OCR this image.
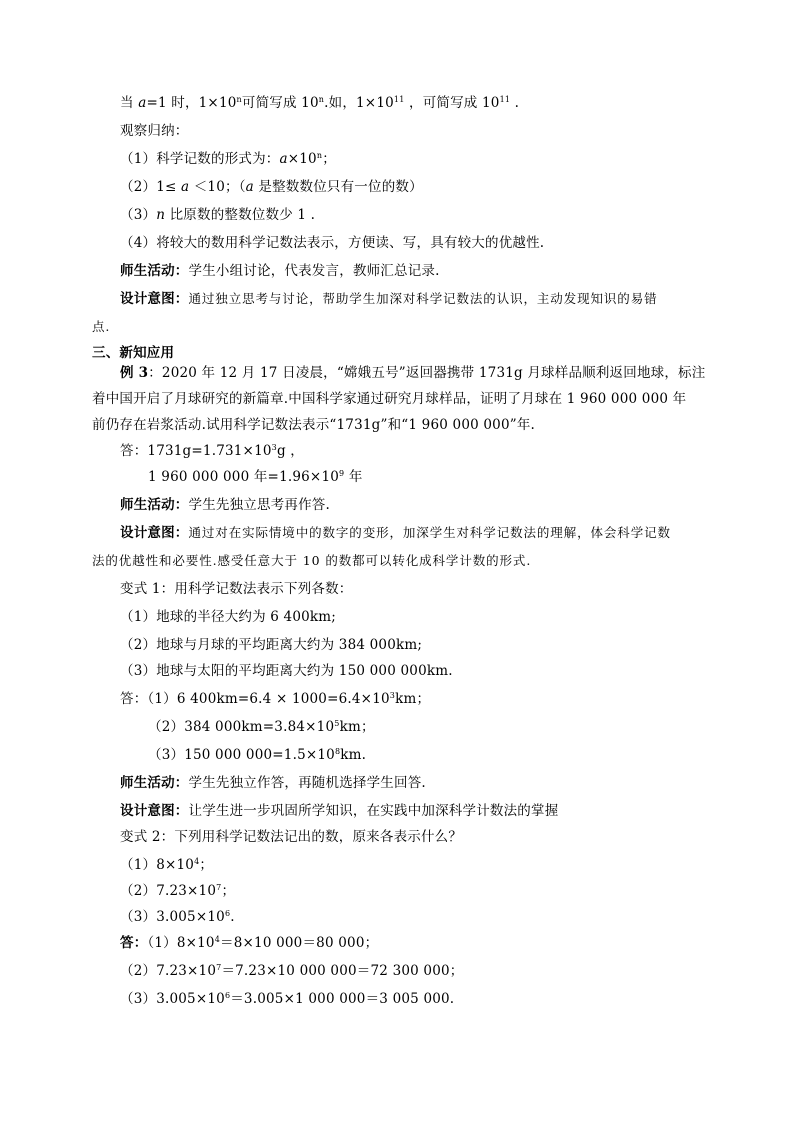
当 a=1 时，$1\times 10^n$可简写成 10$^n$.如，$1\times 10^{11}$ ，可简写成 $10^{11}$ .
观察归纳：
（1）科学记数的形式为：$a\times 10^n$；
（2）1≤ a ＜10；（a 是整数数位只有一位的数）
（3）n 比原数的整数位数少 1 .
（4）将较大的数用科学记数法表示，方便读、写，具有较大的优越性.
师生活动：学生小组讨论，代表发言，教师汇总记录.
设计意图：通过独立思考与讨论，帮助学生加深对科学记数法的认识，主动发现知识的易错
点.
三、新知应用
例 3：2020 年 12 月 17 日凌晨，“嫦娥五号”返回器携带 1731g 月球样品顺利返回地球，标注
着中国开启了月球研究的新篇章.中国科学家通过研究月球样品，证明了月球在 1 960 000 000 年
前仍存在岩浆活动.试用科学记数法表示“1731g”和“1 960 000 000”年.
答：$1731g=1.731\times 10^3g$ ，
1 960 000 000 年$=1.96\times 10^9$ 年
师生活动：学生先独立思考再作答.
设计意图：通过对在实际情境中的数字的变形，加深学生对科学记数法的理解，体会科学记数
法的优越性和必要性.感受任意大于 10 的数都可以转化成科学计数的形式.
变式 1：用科学记数法表示下列各数：
（1）地球的半径大约为 6 400km;
（2）地球与月球的平均距离大约为 384 000km;
（3）地球与太阳的平均距离大约为 150 000 000km.
答：（1）6 $400km=6.4 \times 1000=6.4\times 10^3km$；
（2）384 $000km=3.84\times 10^5km$；
（3）150 000 $000=1.5\times 10^8km$.
师生活动：学生先独立作答，再随机选择学生回答.
设计意图：让学生进一步巩固所学知识，在实践中加深科学计数法的掌握
变式 2：下列用科学记数法记出的数，原来各表示什么？
$(1)8\times 10^4$；
$(2)7.23\times 10^7$；
$(3)3.005\times 10^6$.
答：$(1)8\times 10^4=8\times 10$ 000＝80 000；
$(2)7.23\times 10^7=7.23\times 10$ 000 000＝72 300 000；
$(3)3.005\times 10^6=3.005\times 1$ 000 000＝3 005 000.
